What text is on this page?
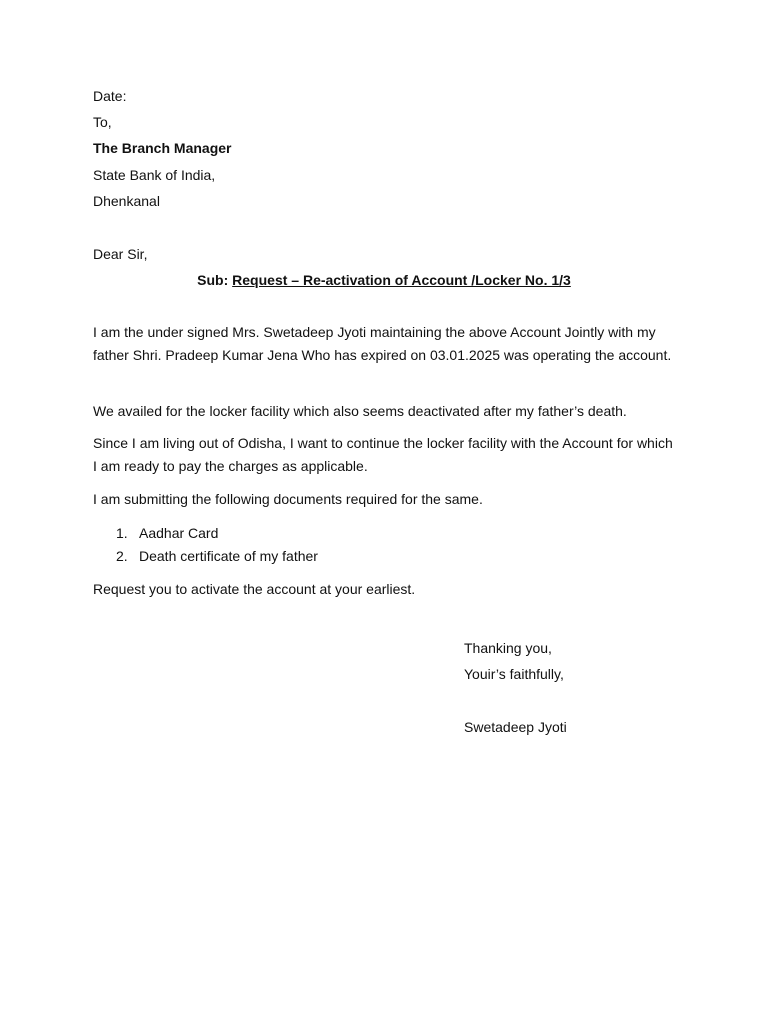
Date:
To,
The Branch Manager
State Bank of India,
Dhenkanal
Dear Sir,
Sub: Request – Re-activation of Account /Locker No. 1/3
I am the under signed Mrs. Swetadeep Jyoti maintaining the above Account Jointly with my father Shri. Pradeep Kumar Jena Who has expired on 03.01.2025 was operating the account.
We availed for the locker facility which also seems deactivated after my father’s death.
Since I am living out of Odisha, I want to continue the locker facility with the Account for which I am ready to pay the charges as applicable.
I am submitting the following documents required for the same.
1. Aadhar Card
2. Death certificate of my father
Request you to activate the account at your earliest.
Thanking you,
Youir’s faithfully,
Swetadeep Jyoti
